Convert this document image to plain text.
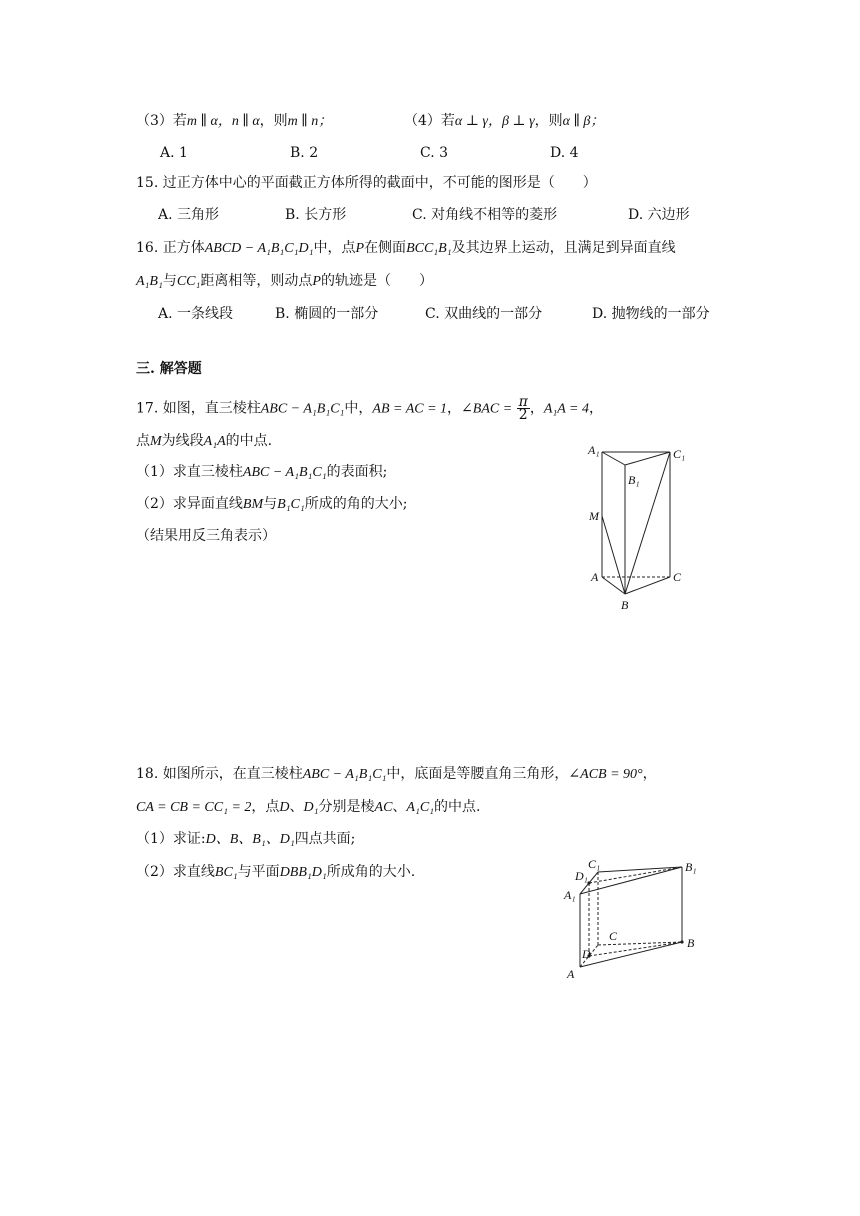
（3）若m ∥ α，n ∥ α，则m ∥ n；	（4）若α ⊥ γ，β ⊥ γ，则α ∥ β；
A. 1	B. 2	C. 3	D. 4
15. 过正方体中心的平面截正方体所得的截面中，不可能的图形是（　　）
A. 三角形	B. 长方形	C. 对角线不相等的菱形	D. 六边形
16. 正方体ABCD − A₁B₁C₁D₁中，点P在侧面BCC₁B₁及其边界上运动，且满足到异面直线
A₁B₁与CC₁距离相等，则动点P的轨迹是（　　）
A. 一条线段	B. 椭圆的一部分	C. 双曲线的一部分	D. 抛物线的一部分
三. 解答题
17. 如图，直三棱柱ABC − A₁B₁C₁中，AB = AC = 1，∠BAC = $\frac{\pi}{2}$ ，A₁A = 4，
点M为线段A₁A的中点.
（1）求直三棱柱ABC − A₁B₁C₁的表面积;
（2）求异面直线BM与B₁C₁所成的角的大小;
（结果用反三角表示）
A₁	C₁
B₁
M
A	C
B
18. 如图所示，在直三棱柱ABC − A₁B₁C₁中，底面是等腰直角三角形，∠ACB = 90°，
CA = CB = CC₁ = 2，点D、D₁分别是棱AC、A₁C₁的中点.
（1）求证:D、B、B₁、D₁四点共面;
（2）求直线BC₁与平面DBB₁D₁所成角的大小.	C₁
D₁
A₁
B₁
C
D
B
A
